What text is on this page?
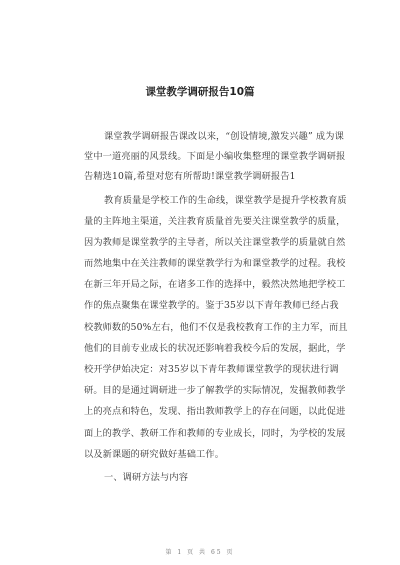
课堂教学调研报告10篇
课堂教学调研报告课改以来，“创设情境,激发兴趣” 成为课
堂中一道亮丽的风景线。下面是小编收集整理的课堂教学调研报
告精选10篇,希望对您有所帮助!课堂教学调研报告1
教育质量是学校工作的生命线，课堂教学是提升学校教育质
量的主阵地主渠道，关注教育质量首先要关注课堂教学的质量，
因为教师是课堂教学的主导者，所以关注课堂教学的质量就自然
而然地集中在关注教师的课堂教学行为和课堂教学的过程。我校
在新三年开局之际，在诸多工作的选择中，毅然决然地把学校工
作的焦点聚集在课堂教学的。鉴于35岁以下青年教师已经占我
校教师数的50%左右，他们不仅是我校教育工作的主力军，而且
他们的目前专业成长的状况还影响着我校今后的发展，据此，学
校开学伊始决定：对35岁以下青年教师课堂教学的现状进行调
研。目的是通过调研进一步了解教学的实际情况，发掘教师教学
上的亮点和特色，发现、指出教师教学上的存在问题，以此促进
面上的教学、教研工作和教师的专业成长，同时，为学校的发展
以及新课题的研究做好基础工作。
一、调研方法与内容
第 1 页 共 65 页
